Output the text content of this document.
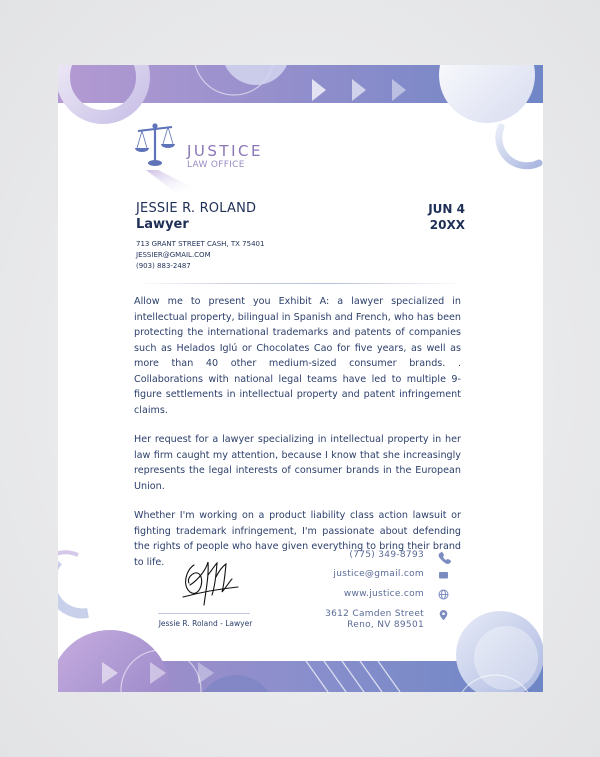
JUSTICE
LAW OFFICE
JESSIE R. ROLAND
Lawyer
JUN 4
20XX
713 GRANT STREET CASH, TX 75401
JESSIER@GMAIL.COM
(903) 883-2487

Allow me to present you Exhibit A: a lawyer specialized in intellectual property, bilingual in Spanish and French, who has been protecting the international trademarks and patents of companies such as Helados Iglú or Chocolates Cao for five years, as well as more than 40 other medium-sized consumer brands. . Collaborations with national legal teams have led to multiple 9-figure settlements in intellectual property and patent infringement claims.

Her request for a lawyer specializing in intellectual property in her law firm caught my attention, because I know that she increasingly represents the legal interests of consumer brands in the European Union.

Whether I'm working on a product liability class action lawsuit or fighting trademark infringement, I'm passionate about defending the rights of people who have given everything to bring their brand to life.

Jessie R. Roland - Lawyer
(775) 349-8793
justice@gmail.com
www.justice.com
3612 Camden Street
Reno, NV 89501
